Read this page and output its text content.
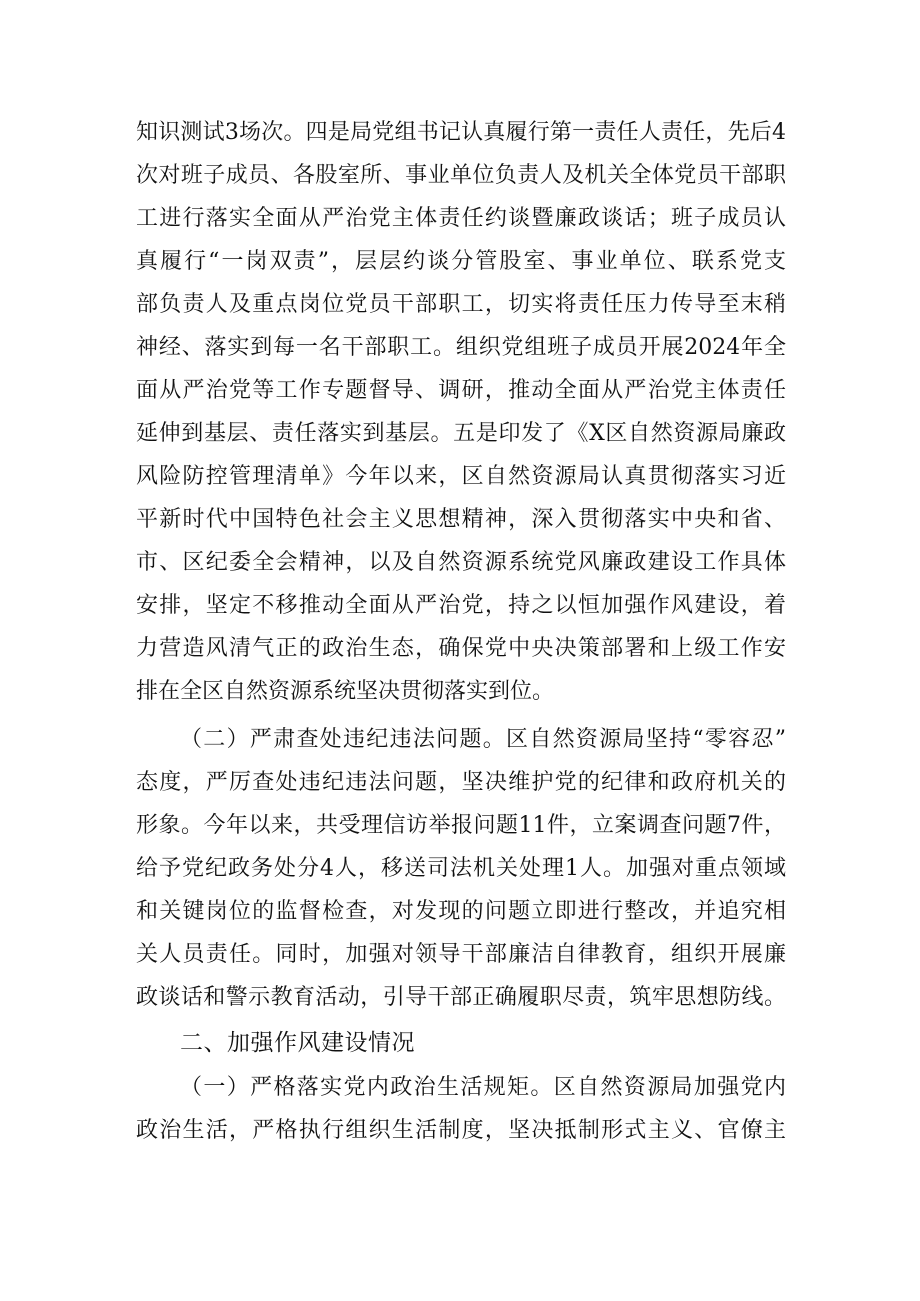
知识测试3场次。四是局党组书记认真履行第一责任人责任，先后4
次对班子成员、各股室所、事业单位负责人及机关全体党员干部职
工进行落实全面从严治党主体责任约谈暨廉政谈话；班子成员认
真履行“一岗双责”，层层约谈分管股室、事业单位、联系党支
部负责人及重点岗位党员干部职工，切实将责任压力传导至末稍
神经、落实到每一名干部职工。组织党组班子成员开展2024年全
面从严治党等工作专题督导、调研，推动全面从严治党主体责任
延伸到基层、责任落实到基层。五是印发了《X区自然资源局廉政
风险防控管理清单》今年以来，区自然资源局认真贯彻落实习近
平新时代中国特色社会主义思想精神，深入贯彻落实中央和省、
市、区纪委全会精神，以及自然资源系统党风廉政建设工作具体
安排，坚定不移推动全面从严治党，持之以恒加强作风建设，着
力营造风清气正的政治生态，确保党中央决策部署和上级工作安
排在全区自然资源系统坚决贯彻落实到位。
（二）严肃查处违纪违法问题。区自然资源局坚持“零容忍”
态度，严厉查处违纪违法问题，坚决维护党的纪律和政府机关的
形象。今年以来，共受理信访举报问题11件，立案调查问题7件，
给予党纪政务处分4人，移送司法机关处理1人。加强对重点领域
和关键岗位的监督检查，对发现的问题立即进行整改，并追究相
关人员责任。同时，加强对领导干部廉洁自律教育，组织开展廉
政谈话和警示教育活动，引导干部正确履职尽责，筑牢思想防线。
二、加强作风建设情况
（一）严格落实党内政治生活规矩。区自然资源局加强党内
政治生活，严格执行组织生活制度，坚决抵制形式主义、官僚主
